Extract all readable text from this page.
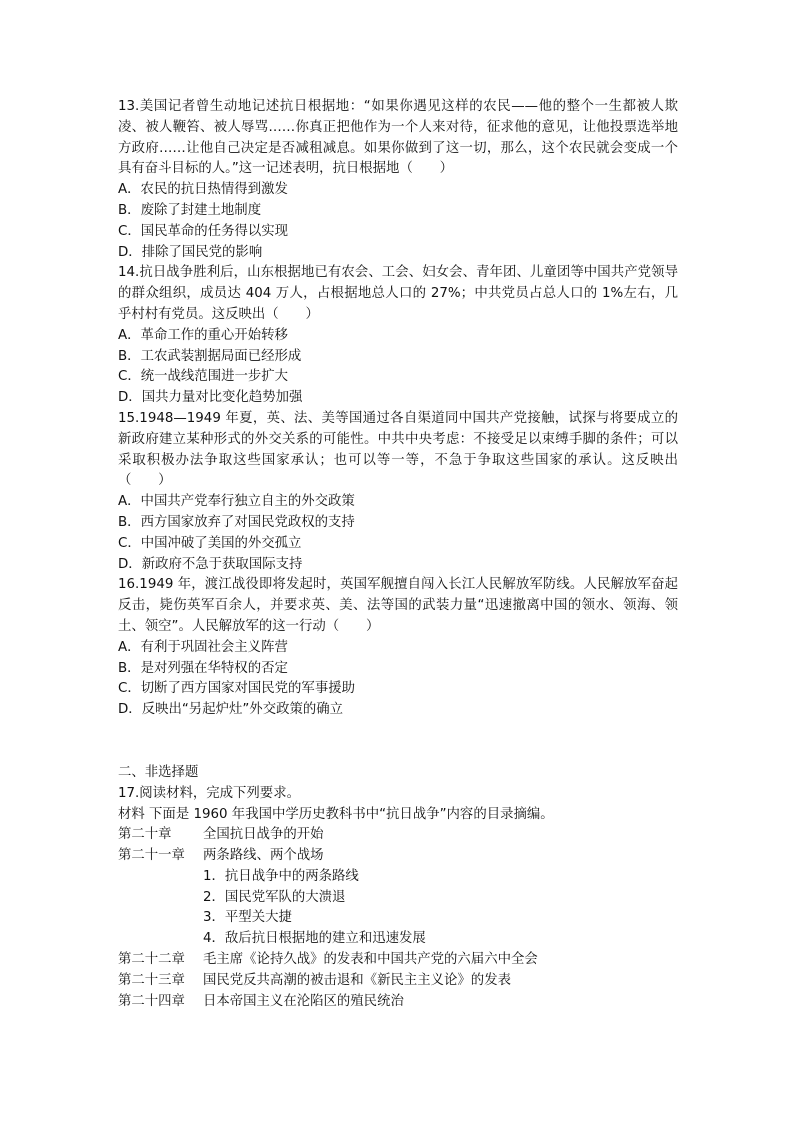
13.美国记者曾生动地记述抗日根据地：“如果你遇见这样的农民——他的整个一生都被人欺凌、被人鞭笞、被人辱骂……你真正把他作为一个人来对待，征求他的意见，让他投票选举地方政府……让他自己决定是否减租减息。如果你做到了这一切，那么，这个农民就会变成一个具有奋斗目标的人。”这一记述表明，抗日根据地（　　）

A．农民的抗日热情得到激发

B．废除了封建土地制度

C．国民革命的任务得以实现

D．排除了国民党的影响

14.抗日战争胜利后，山东根据地已有农会、工会、妇女会、青年团、儿童团等中国共产党领导的群众组织，成员达 404 万人，占根据地总人口的 27%；中共党员占总人口的 1%左右，几乎村村有党员。这反映出（　　）

A．革命工作的重心开始转移

B．工农武装割据局面已经形成

C．统一战线范围进一步扩大

D．国共力量对比变化趋势加强

15.1948—1949 年夏，英、法、美等国通过各自渠道同中国共产党接触，试探与将要成立的新政府建立某种形式的外交关系的可能性。中共中央考虑：不接受足以束缚手脚的条件；可以采取积极办法争取这些国家承认；也可以等一等，不急于争取这些国家的承认。这反映出（　　）

A．中国共产党奉行独立自主的外交政策

B．西方国家放弃了对国民党政权的支持

C．中国冲破了美国的外交孤立

D．新政府不急于获取国际支持

16.1949 年，渡江战役即将发起时，英国军舰擅自闯入长江人民解放军防线。人民解放军奋起反击，毙伤英军百余人，并要求英、美、法等国的武装力量“迅速撤离中国的领水、领海、领土、领空”。人民解放军的这一行动（　　）

A．有利于巩固社会主义阵营

B．是对列强在华特权的否定

C．切断了西方国家对国民党的军事援助

D．反映出“另起炉灶”外交政策的确立

二、非选择题

17.阅读材料，完成下列要求。

材料 下面是 1960 年我国中学历史教科书中“抗日战争”内容的目录摘编。

第二十章	全国抗日战争的开始
第二十一章	两条路线、两个战场

1．抗日战争中的两条路线

2．国民党军队的大溃退

3．平型关大捷

4．敌后抗日根据地的建立和迅速发展

第二十二章	毛主席《论持久战》的发表和中国共产党的六届六中全会
第二十三章	国民党反共高潮的被击退和《新民主主义论》的发表
第二十四章	日本帝国主义在沦陷区的殖民统治
